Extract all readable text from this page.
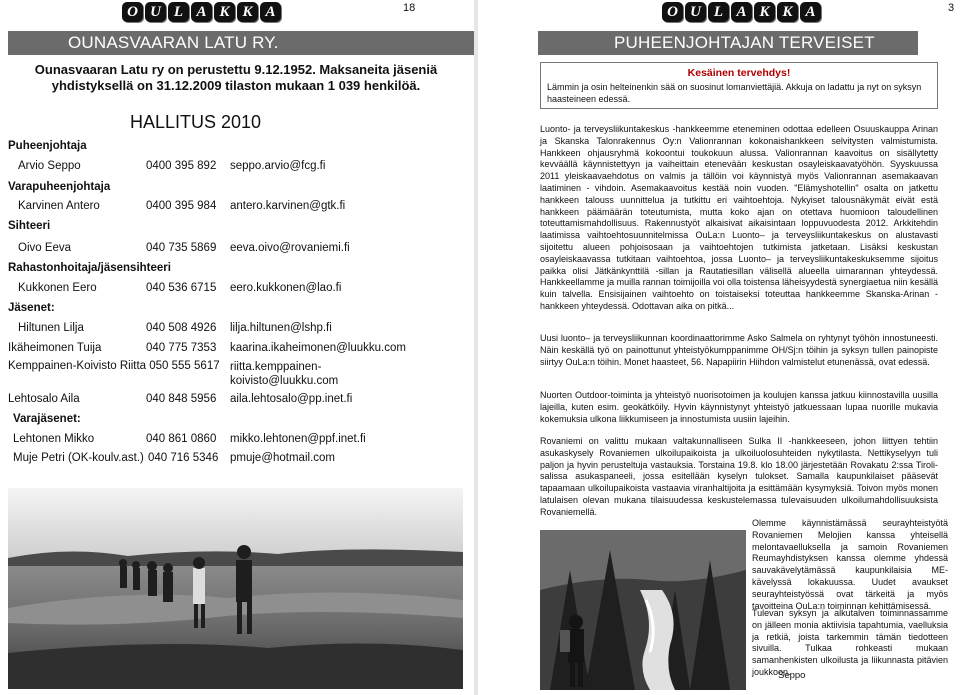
O U L A K K A	18
OUNASVAARAN LATU RY.
Ounasvaaran Latu ry on perustettu 9.12.1952. Maksaneita jäseniä
yhdistyksellä on 31.12.2009 tilaston mukaan 1 039 henkilöä.
HALLITUS 2010
Puheenjohtaja
Arvio Seppo	0400 395 892 seppo.arvio@fcg.fi
Varapuheenjohtaja
Karvinen Antero	0400 395 984 antero.karvinen@gtk.fi
Sihteeri
Oivo Eeva	040 735 5869 eeva.oivo@rovaniemi.fi
Rahastonhoitaja/jäsensihteeri
Kukkonen Eero	040 536 6715 eero.kukkonen@lao.fi
Jäsenet:
Hiltunen Lilja	040 508 4926 lilja.hiltunen@lshp.fi
Ikäheimonen Tuija	040 775 7353 kaarina.ikaheimonen@luukku.com
Kemppainen-Koivisto Riitta 050 555 5617 riitta.kemppainen-koivisto@luukku.com
Lehtosalo Aila	040 848 5956 aila.lehtosalo@pp.inet.fi
Varajäsenet:
Lehtonen Mikko	040 861 0860 mikko.lehtonen@ppf.inet.fi
Muje Petri (OK-koulv.ast.) 040 716 5346 pmuje@hotmail.com
O U L A K K A	3
PUHEENJOHTAJAN TERVEISET
Kesäinen tervehdys!
Lämmin ja osin helteinenkin sää on suosinut lomanviettäjiä. Akkuja on ladattu ja nyt on syksyn haasteineen edessä.
Luonto- ja terveysliikuntakeskus -hankkeemme eteneminen odottaa edelleen Osuuskauppa Arinan ja Skanska Talonrakennus Oy:n Valionrannan kokonaishankkeen selvitysten valmistumista. Hankkeen ohjausryhmä kokoontui toukokuun alussa. Valionrannan kaavoitus on sisällytetty kevväällä käynnistettyyn ja vaiheittain etenevään keskustan osayleiskaavatyöhön. Syyskuussa 2011 yleiskaavaehdotus on valmis ja tällöin voi käynnistyä myös Valionrannan asemakaavan laatiminen - vihdoin. Asemakaavoitus kestää noin vuoden. "Elämyshotellin" osalta on jatkettu hankkeen talouss uunnittelua ja tutkittu eri vaihtoehtoja. Nykyiset talousnäkymät eivät estä hankkeen päämäärän toteutumista, mutta koko ajan on otettava huomioon taloudellinen toteuttamismahdollisuus. Rakennustyöt alkaisivat aikaisintaan loppuvuodesta 2012. Arkkitehdin laatimissa vaihtoehtosuunnitelmissa OuLa:n Luonto– ja terveysliikuntakeskus on alustavasti sijoitettu alueen pohjoisosaan ja vaihtoehtojen tutkimista jatketaan. Lisäksi keskustan osayleiskaavassa tutkitaan vaihtoehtoa, jossa Luonto– ja terveysliikuntakeskuksemme sijoitus paikka olisi Jätkänkynttilä -sillan ja Rautatiesillan välisellä alueella uimarannan yhteydessä. Hankkeellamme ja muilla rannan toimijoilla voi olla toistensa läheisyydestä synergiaetua niin kesällä kuin talvella. Ensisijainen vaihtoehto on toistaiseksi toteuttaa hankkeemme Skanska-Arinan -hankkeen yhteydessä. Odottavan aika on pitkä...
Uusi luonto– ja terveysliikunnan koordinaattorimme Asko Salmela on ryhtynyt työhön innostuneesti. Näin keskällä työ on painottunut yhteistyökumppanimme OH/Sj:n töihin ja syksyn tullen painopiste siirtyy OuLa:n töihin. Monet haasteet, 56. Napapiirin Hiihdon valmistelut etunenässä, ovat edessä.
Nuorten Outdoor-toiminta ja yhteistyö nuorisotoimen ja koulujen kanssa jatkuu kiinnostavilla uusilla lajeilla, kuten esim. geokätköily. Hyvin käynnistynyt yhteistyö jatkuessaan lupaa nuorille mukavia kokemuksia ulkona liikkumiseen ja innostumista uusiin lajeihin.
Rovaniemi on valittu mukaan valtakunnalliseen Sulka II -hankkeeseen, johon liittyen tehtiin asukaskysely Rovaniemen ulkoilupaikoista ja ulkoiluolosuhteiden nykytilasta. Nettikyselyyn tuli paljon ja hyvin perusteltuja vastauksia. Torstaina 19.8. klo 18.00 järjestetään Rovakatu 2:ssa Tiroli-salissa asukaspaneeli, jossa esitellään kyselyn tulokset. Samalla kaupunkilaiset pääsevät tapaamaan ulkoilupaikoista vastaavia viranhaltijoita ja esittämään kysymyksiä. Toivon myös monen latulaisen olevan mukana tilaisuudessa keskustelemassa tulevaisuuden ulkoilumahdollisuuksista Rovaniemellä.
Olemme käynnistämässä seurayhteistyötä Rovaniemen Melojien kanssa yhteisellä melontavaelluksella ja samoin Rovaniemen Reumayhdistyksen kanssa olemme yhdessä sauvakävelytämässä kaupunkilaisia ME-kävelyssä lokakuussa. Uudet avaukset seurayhteistyössä ovat tärkeitä ja myös tavoitteina OuLa:n toiminnan kehittämisessä.
Tulevan syksyn ja alkutalven toiminnassamme on jälleen monia aktiivisia tapahtumia, vaelluksia ja retkiä, joista tarkemmin tämän tiedotteen sivuilla. Tulkaa rohkeasti mukaan samanhenkisten ulkoilusta ja liikunnasta pitävien joukkoon.
Seppo
